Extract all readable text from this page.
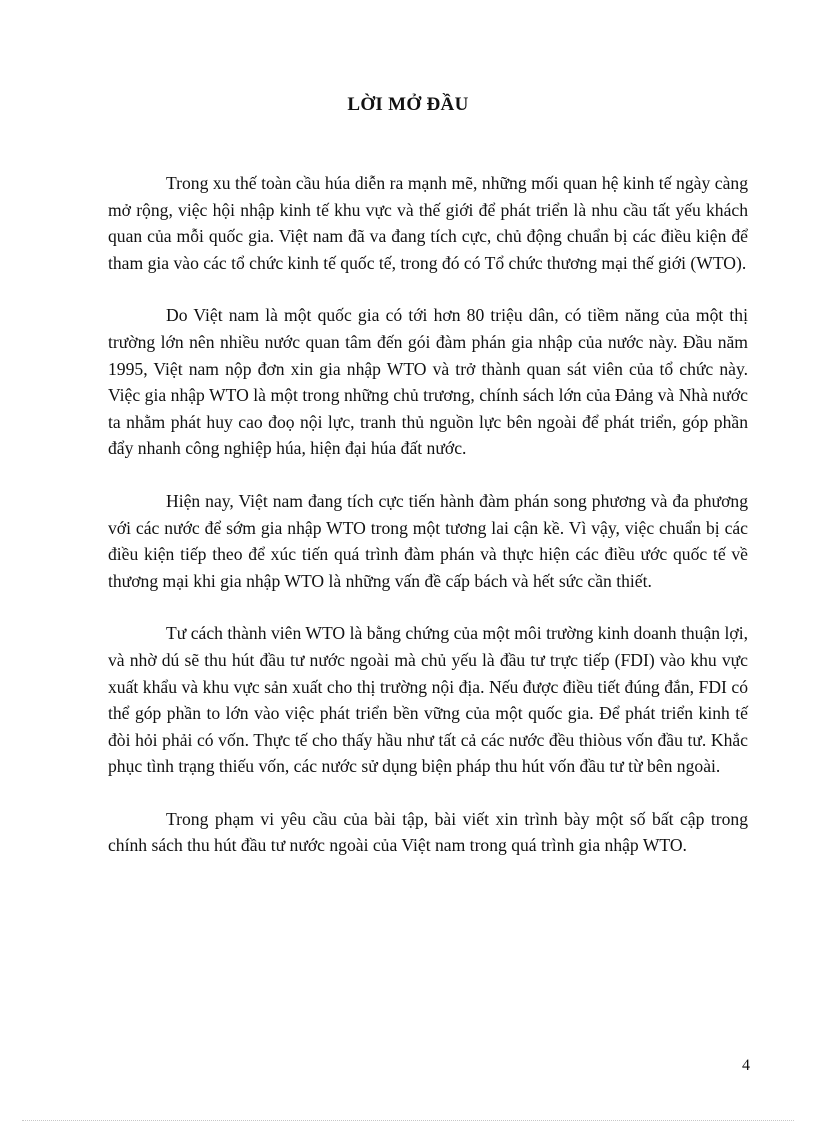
LỜI MỞ ĐẦU

Trong xu thế toàn cầu húa diễn ra mạnh mẽ, những mối quan hệ kinh tế ngày càng mở rộng, việc hội nhập kinh tế khu vực và thế giới để phát triển là nhu cầu tất yếu khách quan của mỗi quốc gia. Việt nam đã va đang tích cực, chủ động chuẩn bị các điều kiện để tham gia vào các tổ chức kinh tế quốc tế, trong đó có Tổ chức thương mại thế giới (WTO).

Do Việt nam là một quốc gia có tới hơn 80 triệu dân, có tiềm năng của một thị trường lớn nên nhiều nước quan tâm đến gói đàm phán gia nhập của nước này. Đầu năm 1995, Việt nam nộp đơn xin gia nhập WTO và trở thành quan sát viên của tổ chức này. Việc gia nhập WTO là một trong những chủ trương, chính sách lớn của Đảng và Nhà nước ta nhằm phát huy cao đoọ nội lực, tranh thủ nguồn lực bên ngoài để phát triển, góp phần đẩy nhanh công nghiệp húa, hiện đại húa đất nước.

Hiện nay, Việt nam đang tích cực tiến hành đàm phán song phương và đa phương với các nước để sớm gia nhập WTO trong một tương lai cận kề. Vì vậy, việc chuẩn bị các điều kiện tiếp theo để xúc tiến quá trình đàm phán và thực hiện các điều ước quốc tế về thương mại khi gia nhập WTO là những vấn đề cấp bách và hết sức cần thiết.

Tư cách thành viên WTO là bằng chứng của một môi trường kinh doanh thuận lợi, và nhờ dú sẽ thu hút đầu tư nước ngoài mà chủ yếu là đầu tư trực tiếp (FDI) vào khu vực xuất khẩu và khu vực sản xuất cho thị trường nội địa. Nếu được điều tiết đúng đắn, FDI có thể góp phần to lớn vào việc phát triển bền vững của một quốc gia. Để phát triển kinh tế đòi hỏi phải có vốn. Thực tế cho thấy hầu như tất cả các nước đều thiòus vốn đầu tư. Khắc phục tình trạng thiếu vốn, các nước sử dụng biện pháp thu hút vốn đầu tư từ bên ngoài.

Trong phạm vi yêu cầu của bài tập, bài viết xin trình bày một số bất cập trong chính sách thu hút đầu tư nước ngoài của Việt nam trong quá trình gia nhập WTO.

4
